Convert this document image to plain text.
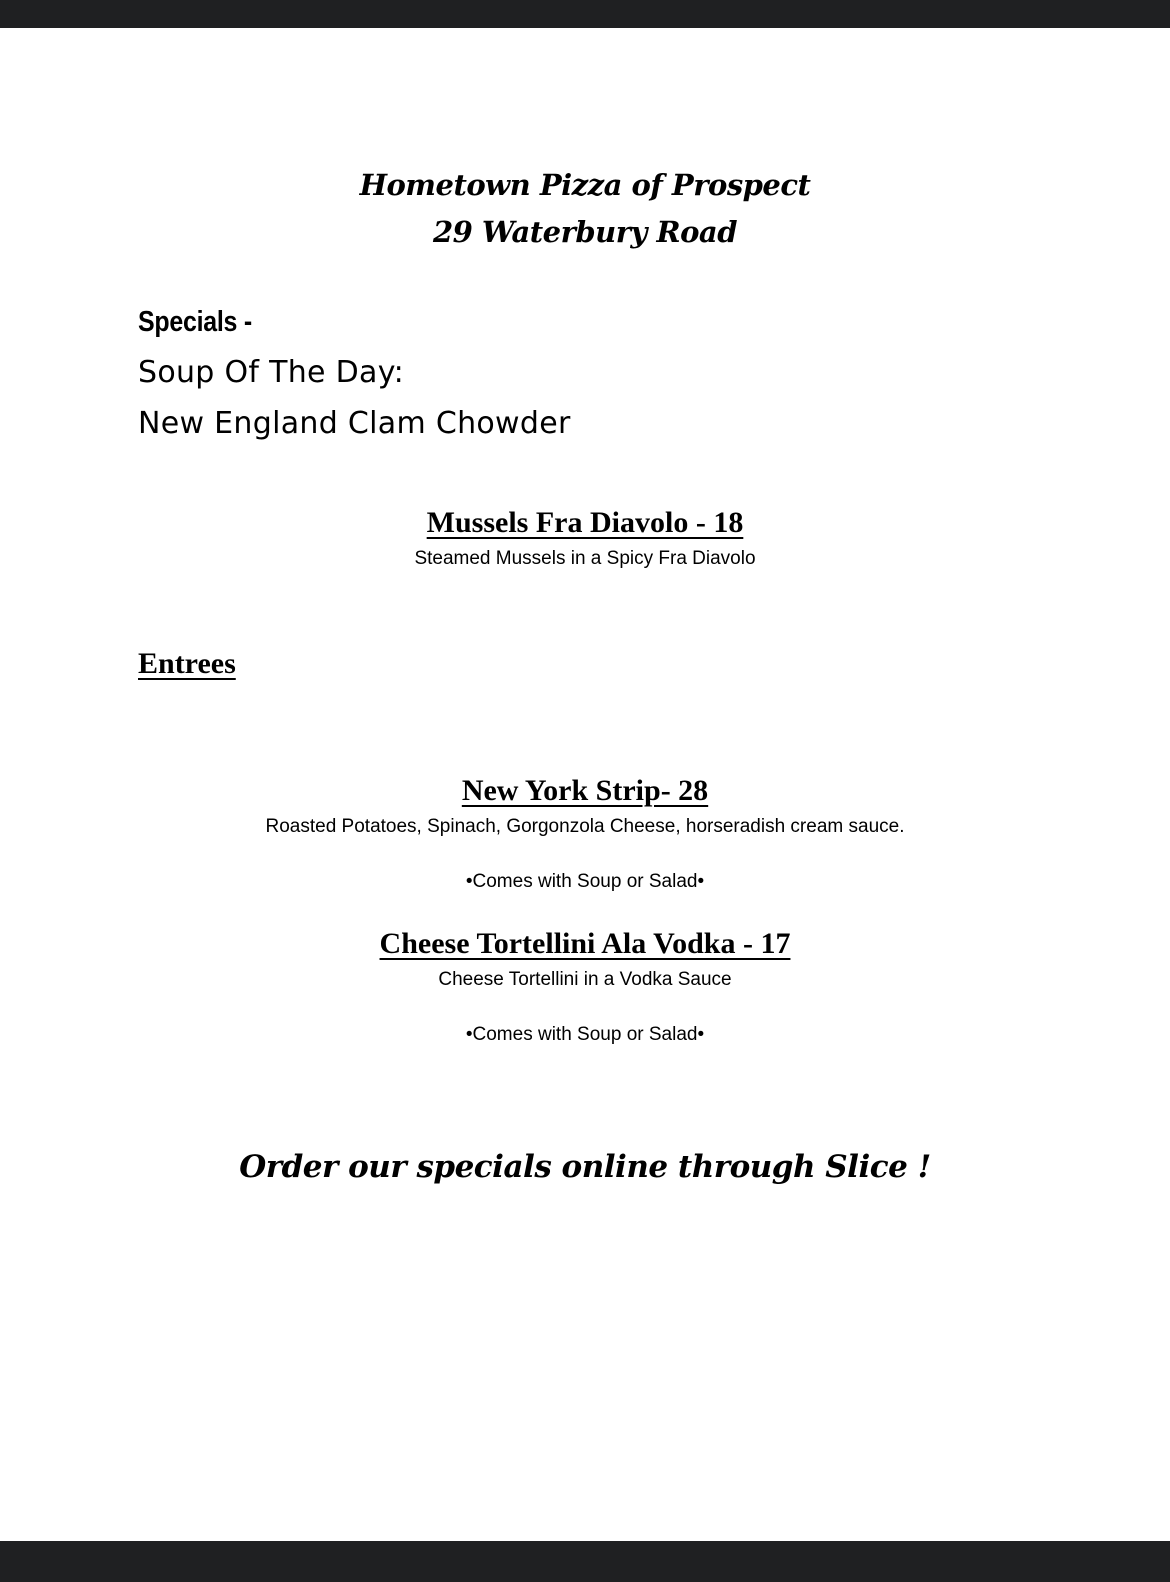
Hometown Pizza of Prospect
29 Waterbury Road
Specials -
Soup Of The Day:
New England Clam Chowder
Mussels Fra Diavolo - 18
Steamed Mussels in a Spicy Fra Diavolo
Entrees
New York Strip- 28
Roasted Potatoes, Spinach, Gorgonzola Cheese, horseradish cream sauce.
•Comes with Soup or Salad•
Cheese Tortellini Ala Vodka - 17
Cheese Tortellini in a Vodka Sauce
•Comes with Soup or Salad•
Order our specials online through Slice !
